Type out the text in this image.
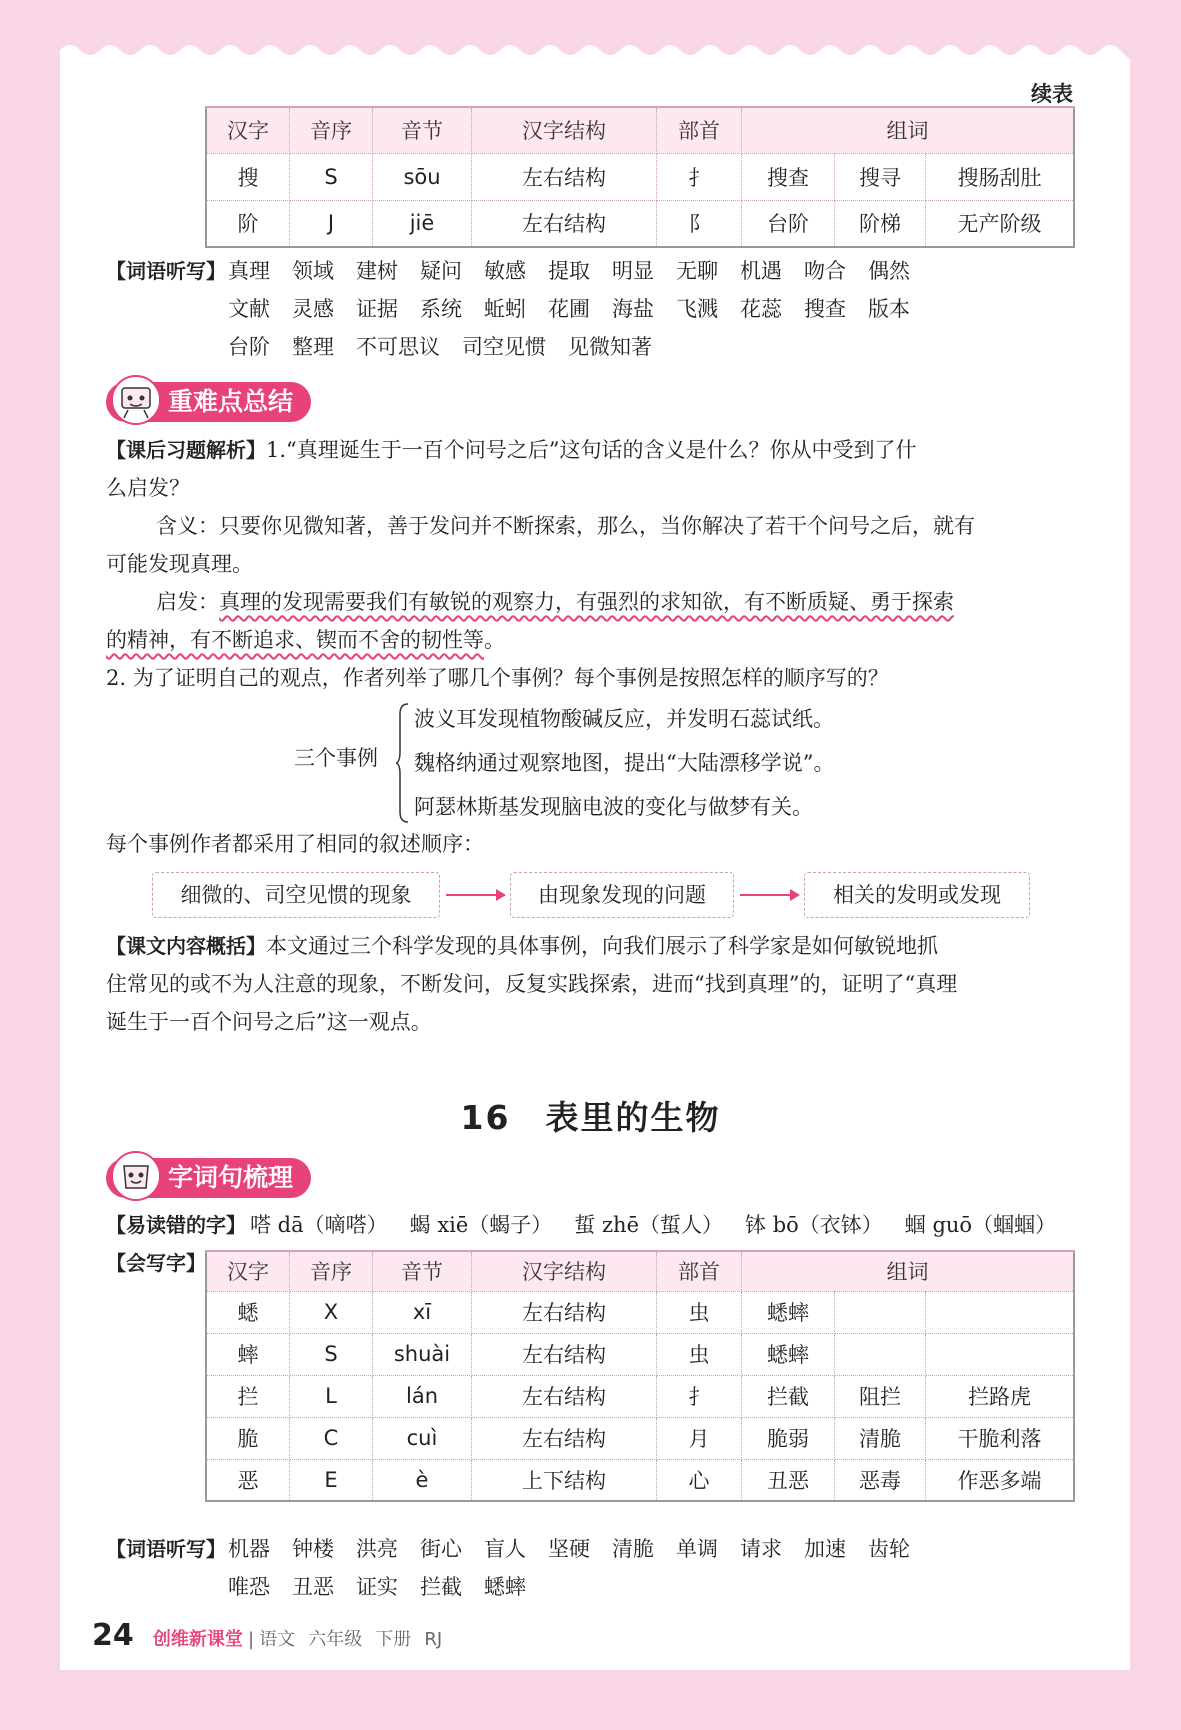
续表
汉字	音序	音节	汉字结构	部首	组词		
搜	S	sōu	左右结构	扌	搜查	搜寻	搜肠刮肚
阶	J	jiē	左右结构	阝	台阶	阶梯	无产阶级
【词语听写】 真理 领域 建树 疑问 敏感 提取 明显 无聊 机遇 吻合 偶然
文献 灵感 证据 系统 蚯蚓 花圃 海盐 飞溅 花蕊 搜查 版本
台阶 整理 不可思议 司空见惯 见微知著
重难点总结
【课后习题解析】1.“真理诞生于一百个问号之后”这句话的含义是什么？你从中受到了什
么启发？
含义：只要你见微知著，善于发问并不断探索，那么，当你解决了若干个问号之后，就有
可能发现真理。
启发：真理的发现需要我们有敏锐的观察力，有强烈的求知欲，有不断质疑、勇于探索
的精神，有不断追求、锲而不舍的韧性等。
2. 为了证明自己的观点，作者列举了哪几个事例？每个事例是按照怎样的顺序写的？
三个事例
波义耳发现植物酸碱反应，并发明石蕊试纸。
魏格纳通过观察地图，提出“大陆漂移学说”。
阿瑟林斯基发现脑电波的变化与做梦有关。
每个事例作者都采用了相同的叙述顺序：
细微的、司空见惯的现象	由现象发现的问题	相关的发明或发现
【课文内容概括】本文通过三个科学发现的具体事例，向我们展示了科学家是如何敏锐地抓
住常见的或不为人注意的现象，不断发问，反复实践探索，进而“找到真理”的，证明了“真理
诞生于一百个问号之后”这一观点。
16　表里的生物
字词句梳理
【易读错的字】 嗒 dā（嘀嗒） 蝎 xiē（蝎子） 蜇 zhē（蜇人） 钵 bō（衣钵） 蝈 guō（蝈蝈）
【会写字】 汉字	音序	音节	汉字结构	部首	组词		
蟋	X	xī	左右结构	虫	蟋蟀		
蟀	S	shuài	左右结构	虫	蟋蟀		
拦	L	lán	左右结构	扌	拦截	阻拦	拦路虎
脆	C	cuì	左右结构	月	脆弱	清脆	干脆利落
恶	E	è	上下结构	心	丑恶	恶毒	作恶多端
【词语听写】 机器 钟楼 洪亮 街心 盲人 坚硬 清脆 单调 请求 加速 齿轮
唯恐 丑恶 证实 拦截 蟋蟀
24 创维新课堂 | 语文 六年级 下册 RJ
